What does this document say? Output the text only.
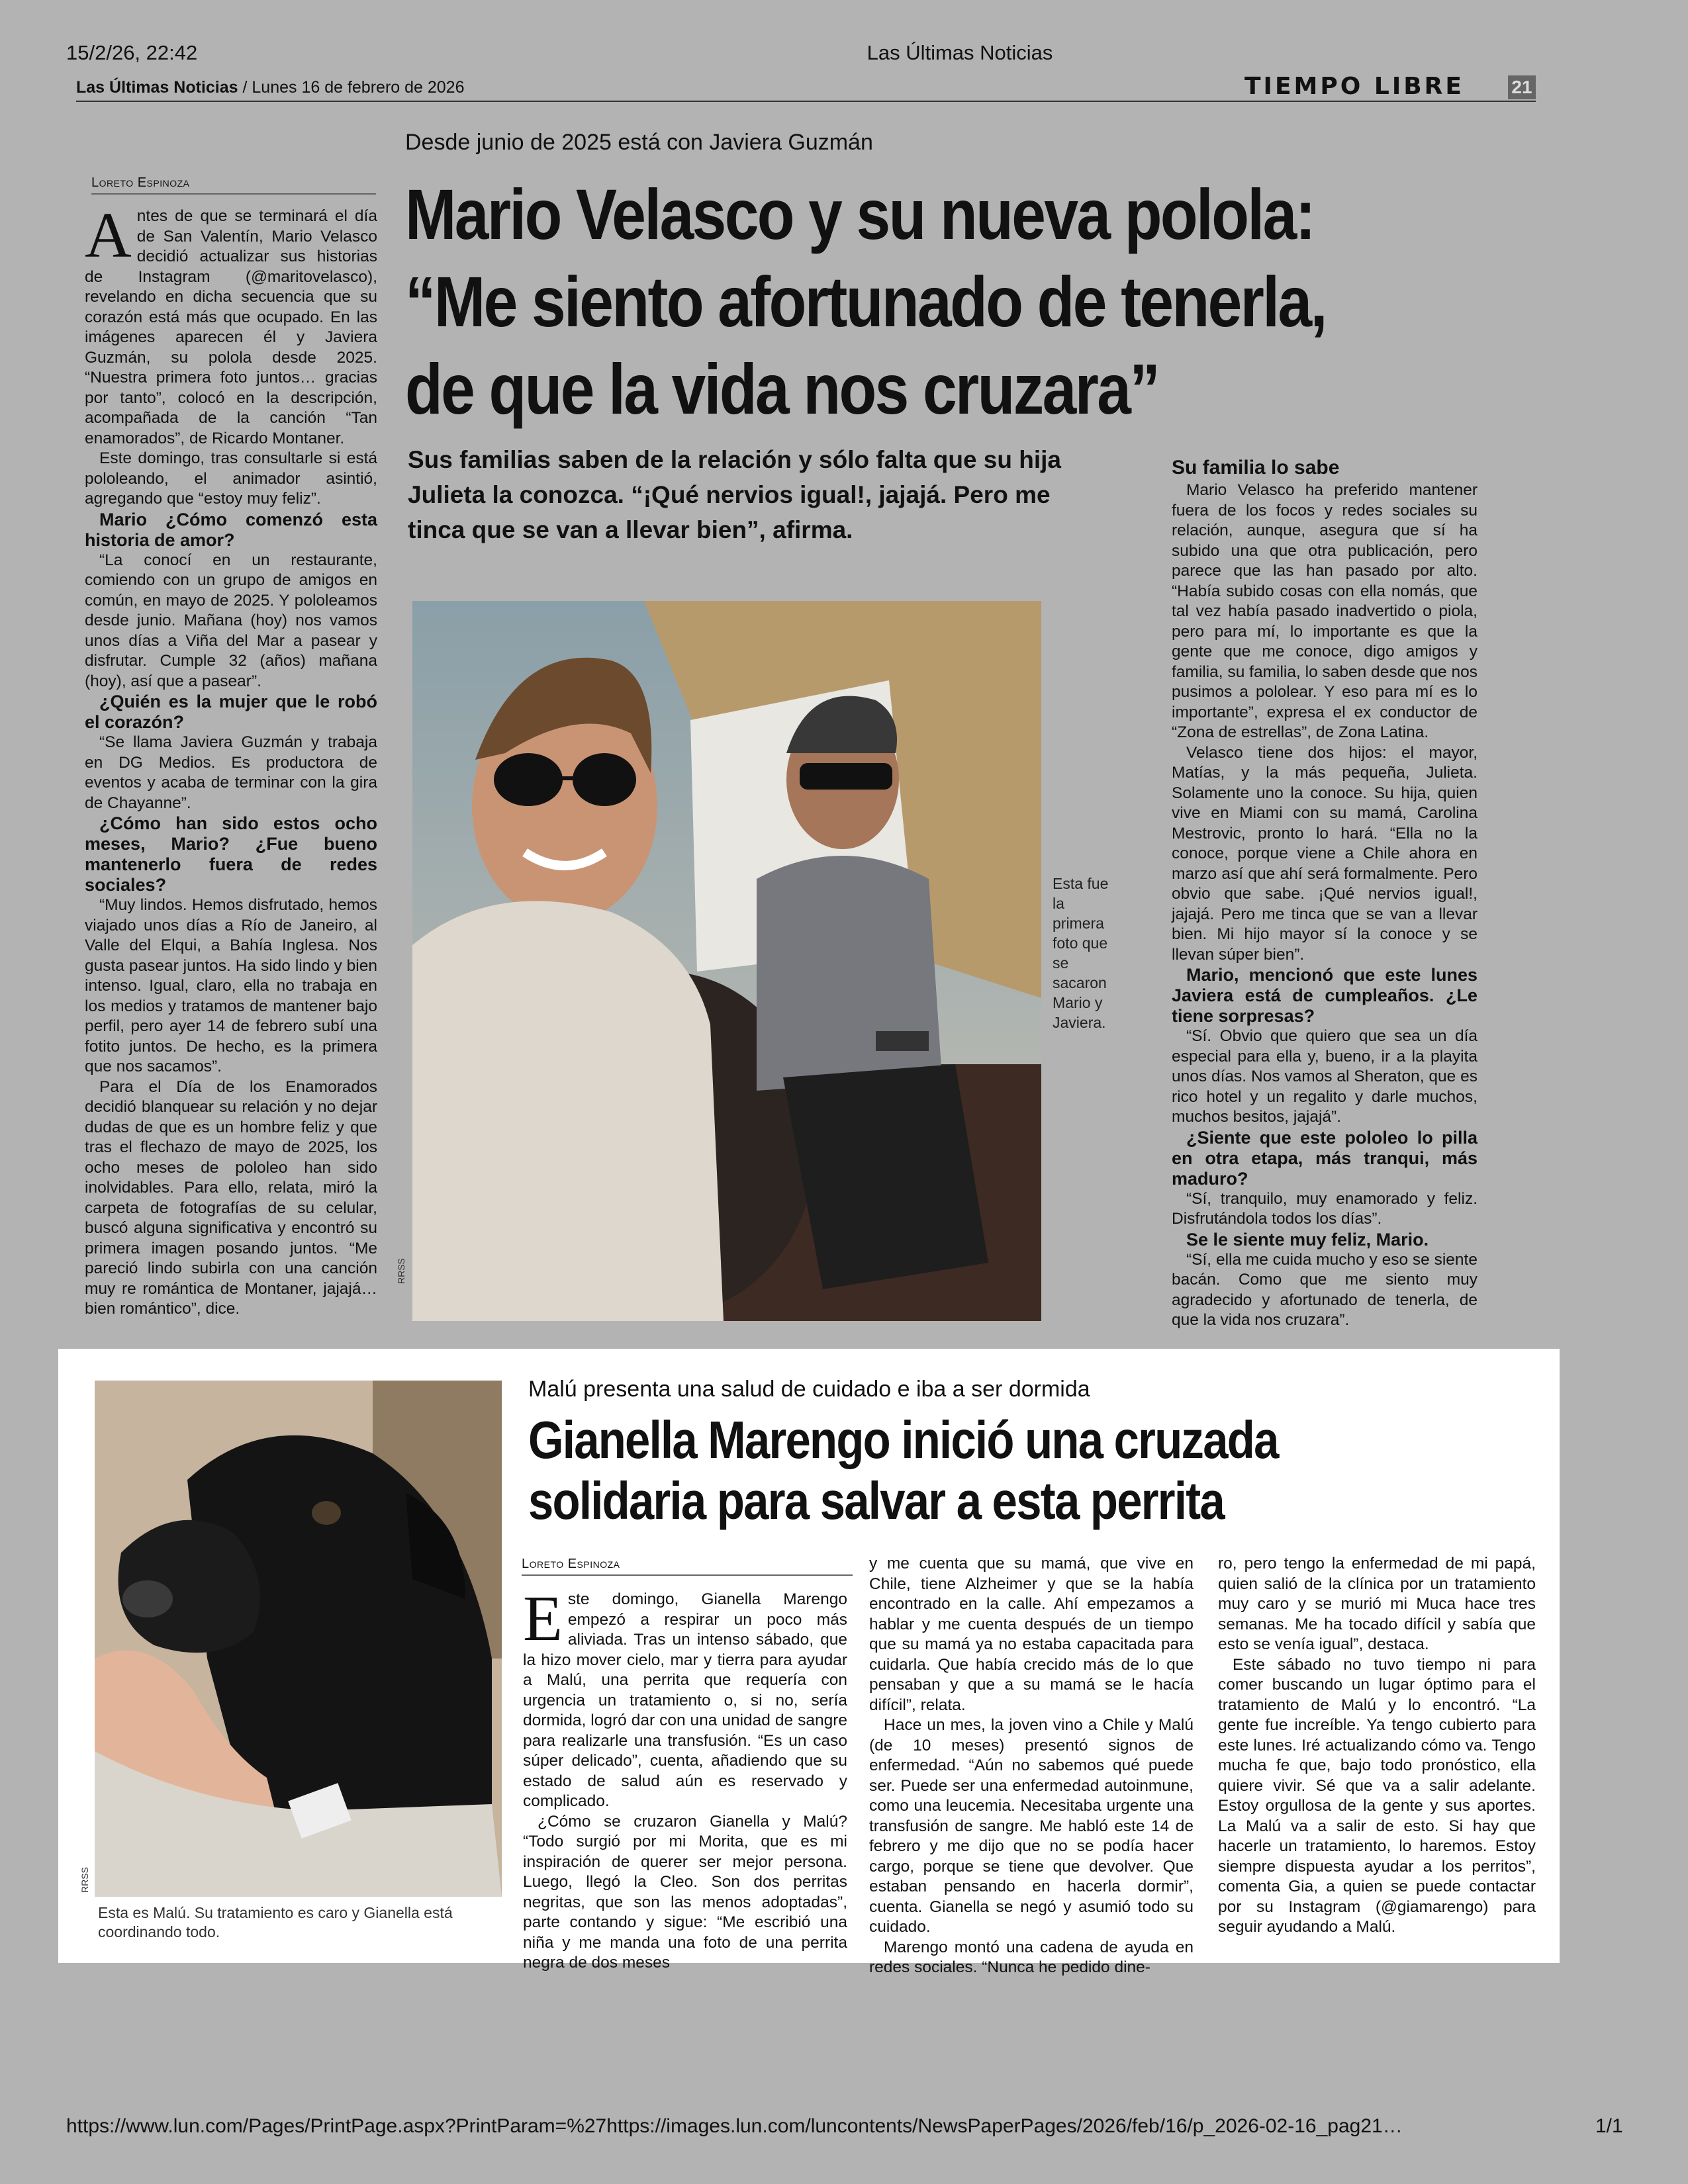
15/2/26, 22:42	Las Últimas Noticias
Las Últimas Noticias / Lunes 16 de febrero de 2026	TIEMPO LIBRE	21
Desde junio de 2025 está con Javiera Guzmán
Mario Velasco y su nueva polola:
“Me siento afortunado de tenerla,
de que la vida nos cruzara”
Sus familias saben de la relación y sólo falta que su hija Julieta la conozca. “¡Qué nervios igual!, jajajá. Pero me tinca que se van a llevar bien”, afirma.
Loreto Espinoza
A ntes de que se terminará el día de San Valentín, Mario Velasco decidió actualizar sus historias de Instagram (@maritovelasco), revelando en dicha secuencia que su corazón está más que ocupado. En las imágenes aparecen él y Javiera Guzmán, su polola desde 2025. “Nuestra primera foto juntos… gracias por tanto”, colocó en la descripción, acompañada de la canción “Tan enamorados”, de Ricardo Montaner.

Este domingo, tras consultarle si está pololeando, el animador asintió, agregando que “estoy muy feliz”.

Mario ¿Cómo comenzó esta historia de amor?

“La conocí en un restaurante, comiendo con un grupo de amigos en común, en mayo de 2025. Y pololeamos desde junio. Mañana (hoy) nos vamos unos días a Viña del Mar a pasear y disfrutar. Cumple 32 (años) mañana (hoy), así que a pasear”.

¿Quién es la mujer que le robó el corazón?

“Se llama Javiera Guzmán y trabaja en DG Medios. Es productora de eventos y acaba de terminar con la gira de Chayanne”.

¿Cómo han sido estos ocho meses, Mario? ¿Fue bueno mantenerlo fuera de redes sociales?

“Muy lindos. Hemos disfrutado, hemos viajado unos días a Río de Janeiro, al Valle del Elqui, a Bahía Inglesa. Nos gusta pasear juntos. Ha sido lindo y bien intenso. Igual, claro, ella no trabaja en los medios y tratamos de mantener bajo perfil, pero ayer 14 de febrero subí una fotito juntos. De hecho, es la primera que nos sacamos”.

Para el Día de los Enamorados decidió blanquear su relación y no dejar dudas de que es un hombre feliz y que tras el flechazo de mayo de 2025, los ocho meses de pololeo han sido inolvidables. Para ello, relata, miró la carpeta de fotografías de su celular, buscó alguna significativa y encontró su primera imagen posando juntos. “Me pareció lindo subirla con una canción muy re romántica de Montaner, jajajá… bien romántico”, dice.

RRSS
Esta fue la primera foto que se sacaron Mario y Javiera.
Su familia lo sabe

Mario Velasco ha preferido mantener fuera de los focos y redes sociales su relación, aunque, asegura que sí ha subido una que otra publicación, pero parece que las han pasado por alto. “Había subido cosas con ella nomás, que tal vez había pasado inadvertido o piola, pero para mí, lo importante es que la gente que me conoce, digo amigos y familia, su familia, lo saben desde que nos pusimos a pololear. Y eso para mí es lo importante”, expresa el ex conductor de “Zona de estrellas”, de Zona Latina.

Velasco tiene dos hijos: el mayor, Matías, y la más pequeña, Julieta. Solamente uno la conoce. Su hija, quien vive en Miami con su mamá, Carolina Mestrovic, pronto lo hará. “Ella no la conoce, porque viene a Chile ahora en marzo así que ahí será formalmente. Pero obvio que sabe. ¡Qué nervios igual!, jajajá. Pero me tinca que se van a llevar bien. Mi hijo mayor sí la conoce y se llevan súper bien”.

Mario, mencionó que este lunes Javiera está de cumpleaños. ¿Le tiene sorpresas?

“Sí. Obvio que quiero que sea un día especial para ella y, bueno, ir a la playita unos días. Nos vamos al Sheraton, que es rico hotel y un regalito y darle muchos, muchos besitos, jajajá”.

¿Siente que este pololeo lo pilla en otra etapa, más tranqui, más maduro?

“Sí, tranquilo, muy enamorado y feliz. Disfrutándola todos los días”.

Se le siente muy feliz, Mario.

“Sí, ella me cuida mucho y eso se siente bacán. Como que me siento muy agradecido y afortunado de tenerla, de que la vida nos cruzara”.

RRSS
Esta es Malú. Su tratamiento es caro y Gianella está coordinando todo.
Malú presenta una salud de cuidado e iba a ser dormida
Gianella Marengo inició una cruzada
solidaria para salvar a esta perrita
Loreto Espinoza
E ste domingo, Gianella Marengo empezó a respirar un poco más aliviada. Tras un intenso sábado, que la hizo mover cielo, mar y tierra para ayudar a Malú, una perrita que requería con urgencia un tratamiento o, si no, sería dormida, logró dar con una unidad de sangre para realizarle una transfusión. “Es un caso súper delicado”, cuenta, añadiendo que su estado de salud aún es reservado y complicado.

¿Cómo se cruzaron Gianella y Malú? “Todo surgió por mi Morita, que es mi inspiración de querer ser mejor persona. Luego, llegó la Cleo. Son dos perritas negritas, que son las menos adoptadas”, parte contando y sigue: “Me escribió una niña y me manda una foto de una perrita negra de dos meses

y me cuenta que su mamá, que vive en Chile, tiene Alzheimer y que se la había encontrado en la calle. Ahí empezamos a hablar y me cuenta después de un tiempo que su mamá ya no estaba capacitada para cuidarla. Que había crecido más de lo que pensaban y que a su mamá se le hacía difícil”, relata.

Hace un mes, la joven vino a Chile y Malú (de 10 meses) presentó signos de enfermedad. “Aún no sabemos qué puede ser. Puede ser una enfermedad autoinmune, como una leucemia. Necesitaba urgente una transfusión de sangre. Me habló este 14 de febrero y me dijo que no se podía hacer cargo, porque se tiene que devolver. Que estaban pensando en hacerla dormir”, cuenta. Gianella se negó y asumió todo su cuidado.

Marengo montó una cadena de ayuda en redes sociales. “Nunca he pedido dine-

ro, pero tengo la enfermedad de mi papá, quien salió de la clínica por un tratamiento muy caro y se murió mi Muca hace tres semanas. Me ha tocado difícil y sabía que esto se venía igual”, destaca.

Este sábado no tuvo tiempo ni para comer buscando un lugar óptimo para el tratamiento de Malú y lo encontró. “La gente fue increíble. Ya tengo cubierto para este lunes. Iré actualizando cómo va. Tengo mucha fe que, bajo todo pronóstico, ella quiere vivir. Sé que va a salir adelante. Estoy orgullosa de la gente y sus aportes. La Malú va a salir de esto. Si hay que hacerle un tratamiento, lo haremos. Estoy siempre dispuesta ayudar a los perritos”, comenta Gia, a quien se puede contactar por su Instagram (@giamarengo) para seguir ayudando a Malú.

https://www.lun.com/Pages/PrintPage.aspx?PrintParam=%27https://images.lun.com/luncontents/NewsPaperPages/2026/feb/16/p_2026-02-16_pag21…	1/1
